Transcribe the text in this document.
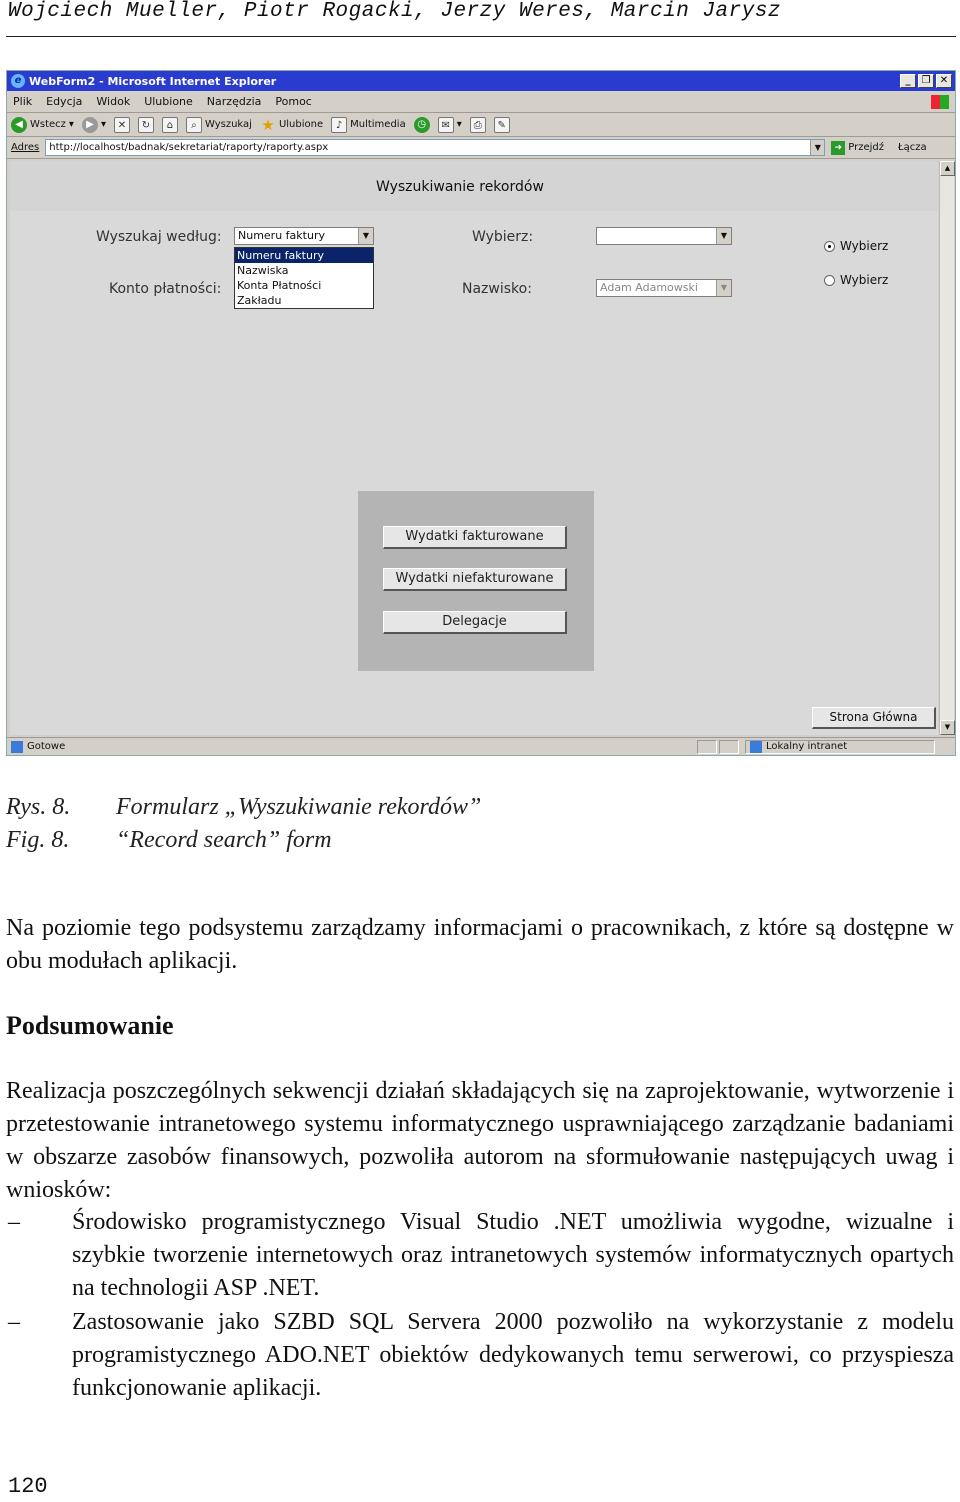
Wojciech Mueller, Piotr Rogacki, Jerzy Weres, Marcin Jarysz
e WebForm2 - Microsoft Internet Explorer	_	❐ ✕
Plik Edycja Widok Ulubione Narzędzia Pomoc
◀ Wstecz ▾	▶ ▾	✕	↻	⌂	⌕ Wyszukaj ★ Ulubione	♪ Multimedia	◷	✉ ▾	⎙	✎
Adres http://localhost/badnak/sekretariat/raporty/raporty.aspx	▼	➜ Przejdź Łącza
Wyszukiwanie rekordów
Wyszukaj według:	Numeru faktury	▼
Numeru faktury
Nazwiska
Konta Płatności
Zakładu
Konto płatności:
Wybierz:	▼
Nazwisko:	Adam Adamowski	▼
Wybierz
Wybierz
Wydatki fakturowane
Wydatki niefakturowane
Delegacje
Strona Główna
▲
▼
Gotowe	Lokalny intranet
Rys. 8. Formularz „Wyszukiwanie rekordów”
Fig. 8. “Record search” form
Na poziomie tego podsystemu zarządzamy informacjami o pracownikach, z które są dostępne w obu modułach aplikacji.
Podsumowanie
Realizacja poszczególnych sekwencji działań składających się na zaprojektowanie, wytworzenie i przetestowanie intranetowego systemu informatycznego usprawniającego zarządzanie badaniami w obszarze zasobów finansowych, pozwoliła autorom na sformułowanie następujących uwag i wniosków:
– Środowisko programistycznego Visual Studio .NET umożliwia wygodne, wizualne i szybkie tworzenie internetowych oraz intranetowych systemów informatycznych opartych na technologii ASP .NET.
– Zastosowanie jako SZBD SQL Servera 2000 pozwoliło na wykorzystanie z modelu programistycznego ADO.NET obiektów dedykowanych temu serwerowi, co przyspiesza funkcjonowanie aplikacji.
120
